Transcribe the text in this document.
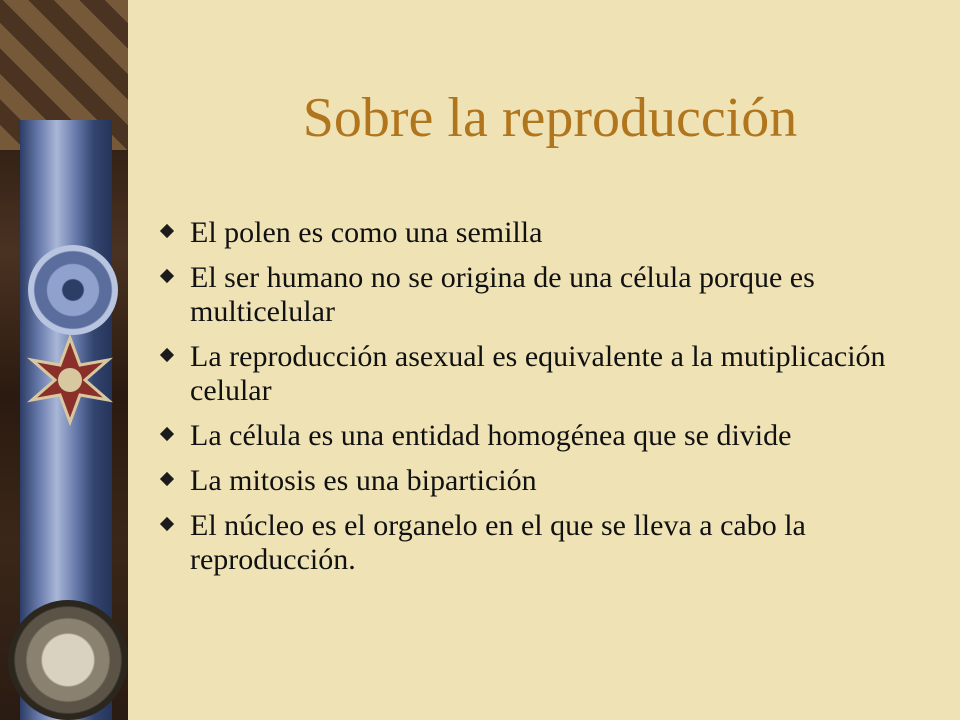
Sobre la reproducción
El polen es como una semilla
El ser humano no se origina de una célula porque es multicelular
La reproducción asexual es equivalente a la mutiplicación celular
La célula es una entidad homogénea que se divide
La mitosis es una bipartición
El núcleo es el organelo en el que se lleva a cabo la reproducción.
